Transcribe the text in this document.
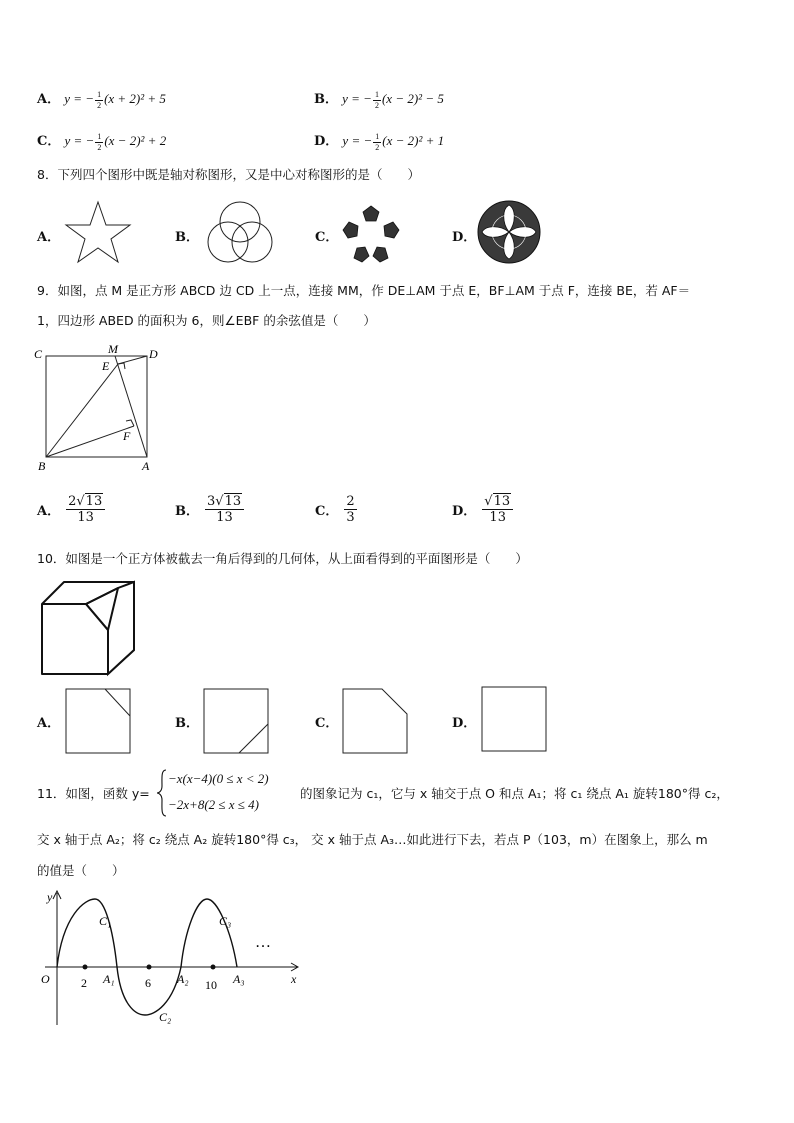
A． y = − $\frac{1}{2} (x + 2)^2 + 5$	B． y = − $\frac{1}{2} (x - 2)^2 - 5$
C． y = − $\frac{1}{2} (x - 2)^2 + 2$	D． y = − $\frac{1}{2} (x - 2)^2 + 1$
8．下列四个图形中既是轴对称图形，又是中心对称图形的是（　　）
A．	B．	C．	D．
9．如图，点 M 是正方形 ABCD 边 CD 上一点，连接 MM，作 DE⊥AM 于点 E，BF⊥AM 于点 F，连接 BE，若 AF＝
1，四边形 ABED 的面积为 6，则∠EBF 的余弦值是（　　）
C	M	D
E
F
B	A
A． $\frac{2√13}{13}$	B． $\frac{3√13}{13}$	C． $\frac{2}{3}$	D． $\frac{√13}{13}$
10．如图是一个正方体被截去一角后得到的几何体，从上面看得到的平面图形是（　　）
A．	B．	C．	D．
11．如图，函数 y=
−x(x−4)(0 ≤ x < 2)
−2x+8(2 ≤ x ≤ 4)
的图象记为 c₁，它与 x 轴交于点 O 和点 A₁；将 c₁ 绕点 A₁ 旋转180°得 c₂，
交 x 轴于点 A₂；将 c₂ 绕点 A₂ 旋转180°得 c₃， 交 x 轴于点 A₃…如此进行下去，若点 P（103，m）在图象上，那么 m
的值是（　　）
y
x
O	2	6	10
A₁	A₂	A₃
C₁
C₂
C₃
…
